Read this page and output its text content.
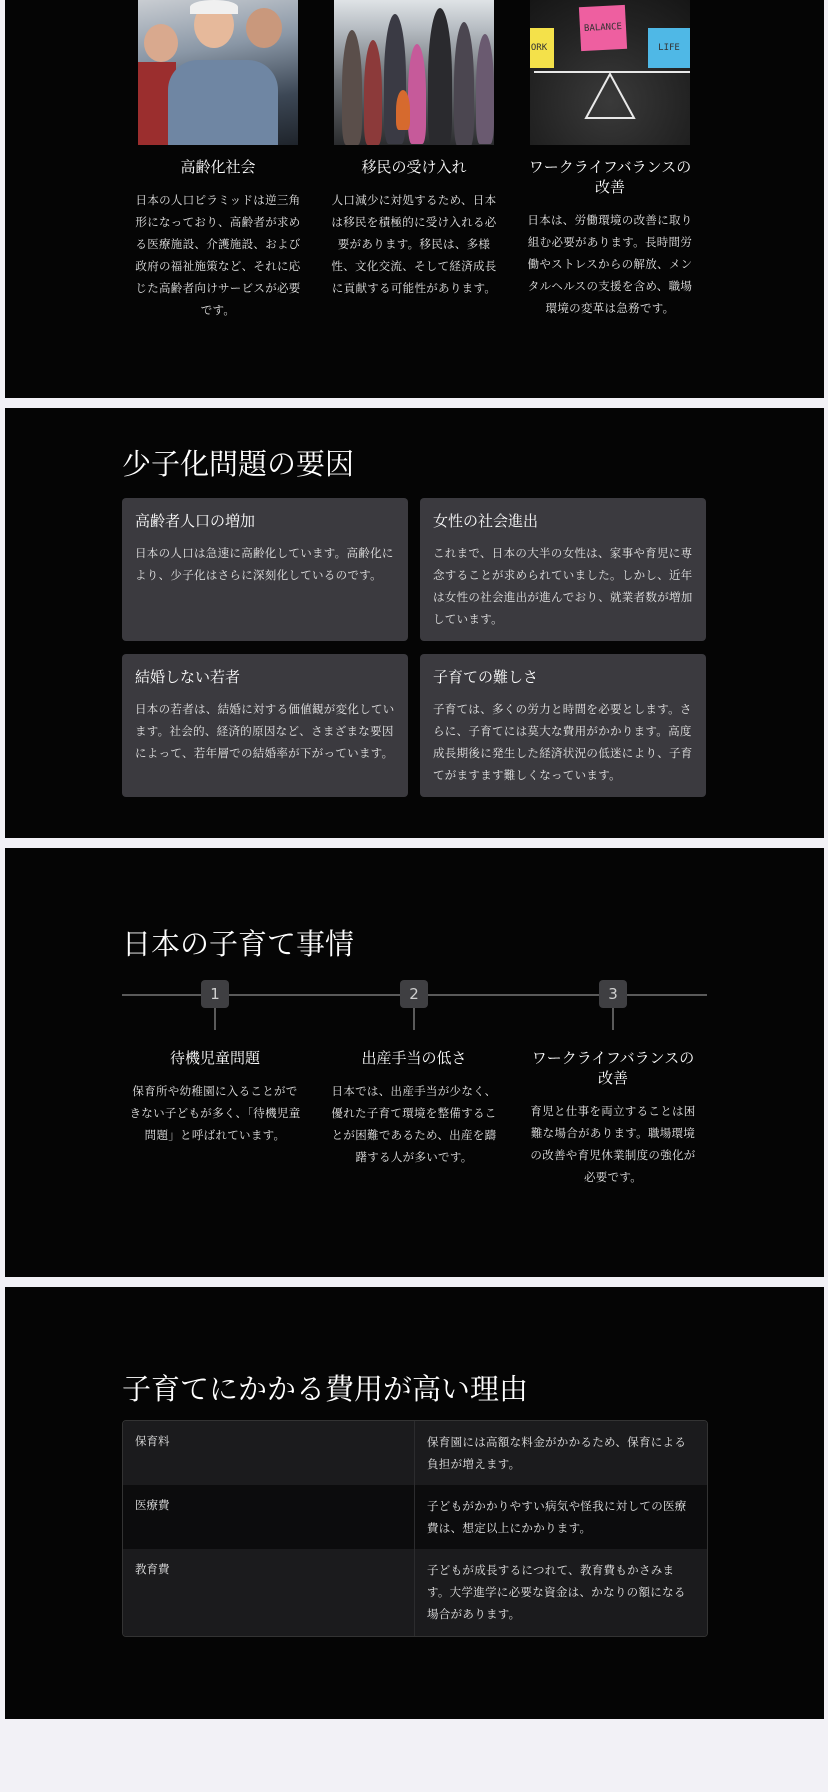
高齢化社会

日本の人口ピラミッドは逆三角形になっており、高齢者が求める医療施設、介護施設、および政府の福祉施策など、それに応じた高齢者向けサービスが必要です。

移民の受け入れ

人口減少に対処するため、日本は移民を積極的に受け入れる必要があります。移民は、多様性、文化交流、そして経済成長に貢献する可能性があります。

ORK
BALANCE
LIFE
ワークライフバランスの改善

日本は、労働環境の改善に取り組む必要があります。長時間労働やストレスからの解放、メンタルヘルスの支援を含め、職場環境の変革は急務です。

少子化問題の要因
高齢者人口の増加

日本の人口は急速に高齢化しています。高齢化により、少子化はさらに深刻化しているのです。

女性の社会進出

これまで、日本の大半の女性は、家事や育児に専念することが求められていました。しかし、近年は女性の社会進出が進んでおり、就業者数が増加しています。

結婚しない若者

日本の若者は、結婚に対する価値観が変化しています。社会的、経済的原因など、さまざまな要因によって、若年層での結婚率が下がっています。

子育ての難しさ

子育ては、多くの労力と時間を必要とします。さらに、子育てには莫大な費用がかかります。高度成長期後に発生した経済状況の低迷により、子育てがますます難しくなっています。

日本の子育て事情
1
待機児童問題

保育所や幼稚園に入ることができない子どもが多く、「待機児童問題」と呼ばれています。

2
出産手当の低さ

日本では、出産手当が少なく、優れた子育て環境を整備することが困難であるため、出産を躊躇する人が多いです。

3
ワークライフバランスの改善

育児と仕事を両立することは困難な場合があります。職場環境の改善や育児休業制度の強化が必要です。

子育てにかかる費用が高い理由
保育料	保育園には高額な料金がかかるため、保育による負担が増えます。
医療費	子どもがかかりやすい病気や怪我に対しての医療費は、想定以上にかかります。
教育費	子どもが成長するにつれて、教育費もかさみます。大学進学に必要な資金は、かなりの額になる場合があります。
